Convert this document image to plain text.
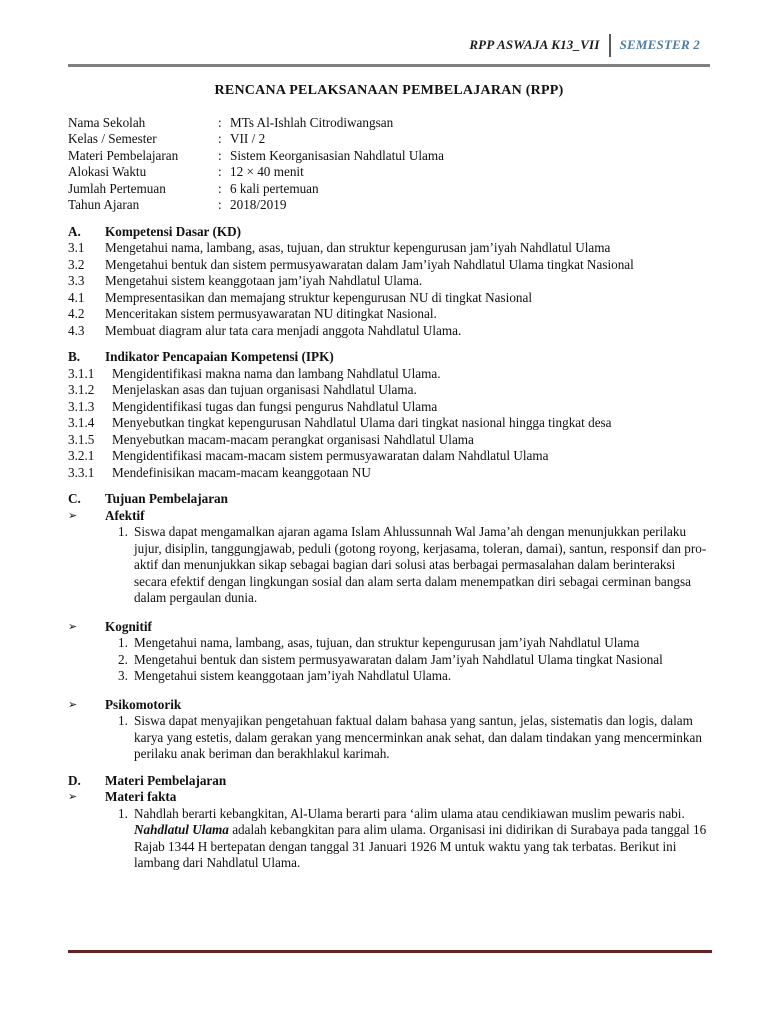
RPP ASWAJA K13_VII SEMESTER 2
RENCANA PELAKSANAAN PEMBELAJARAN (RPP)
Nama Sekolah	: MTs Al-Ishlah Citrodiwangsan
Kelas / Semester	: VII / 2
Materi Pembelajaran	: Sistem Keorganisasian Nahdlatul Ulama
Alokasi Waktu	: 12 × 40 menit
Jumlah Pertemuan	: 6 kali pertemuan
Tahun Ajaran	: 2018/2019
A.	Kompetensi Dasar (KD)
3.1	Mengetahui nama, lambang, asas, tujuan, dan struktur kepengurusan jam’iyah Nahdlatul Ulama
3.2	Mengetahui bentuk dan sistem permusyawaratan dalam Jam’iyah Nahdlatul Ulama tingkat Nasional
3.3	Mengetahui sistem keanggotaan jam’iyah Nahdlatul Ulama.
4.1	Mempresentasikan dan memajang struktur kepengurusan NU di tingkat Nasional
4.2	Menceritakan sistem permusyawaratan NU ditingkat Nasional.
4.3	Membuat diagram alur tata cara menjadi anggota Nahdlatul Ulama.
B.	Indikator Pencapaian Kompetensi (IPK)
3.1.1	Mengidentifikasi makna nama dan lambang Nahdlatul Ulama.
3.1.2	Menjelaskan asas dan tujuan organisasi Nahdlatul Ulama.
3.1.3	Mengidentifikasi tugas dan fungsi pengurus Nahdlatul Ulama
3.1.4	Menyebutkan tingkat kepengurusan Nahdlatul Ulama dari tingkat nasional hingga tingkat desa
3.1.5	Menyebutkan macam-macam perangkat organisasi Nahdlatul Ulama
3.2.1	Mengidentifikasi macam-macam sistem permusyawaratan dalam Nahdlatul Ulama
3.3.1	Mendefinisikan macam-macam keanggotaan NU
C.	Tujuan Pembelajaran
➢	Afektif
1. Siswa dapat mengamalkan ajaran agama Islam Ahlussunnah Wal Jama’ah dengan menunjukkan perilaku jujur, disiplin, tanggungjawab, peduli (gotong royong, kerjasama, toleran, damai), santun, responsif dan pro-aktif dan menunjukkan sikap sebagai bagian dari solusi atas berbagai permasalahan dalam berinteraksi secara efektif dengan lingkungan sosial dan alam serta dalam menempatkan diri sebagai cerminan bangsa dalam pergaulan dunia.
➢	Kognitif
1. Mengetahui nama, lambang, asas, tujuan, dan struktur kepengurusan jam’iyah Nahdlatul Ulama
2. Mengetahui bentuk dan sistem permusyawaratan dalam Jam’iyah Nahdlatul Ulama tingkat Nasional
3. Mengetahui sistem keanggotaan jam’iyah Nahdlatul Ulama.
➢	Psikomotorik
1. Siswa dapat menyajikan pengetahuan faktual dalam bahasa yang santun, jelas, sistematis dan logis, dalam karya yang estetis, dalam gerakan yang mencerminkan anak sehat, dan dalam tindakan yang mencerminkan perilaku anak beriman dan berakhlakul karimah.
D.	Materi Pembelajaran
➢	Materi fakta
1. Nahdlah berarti kebangkitan, Al-Ulama berarti para ‘alim ulama atau cendikiawan muslim pewaris nabi. Nahdlatul Ulama adalah kebangkitan para alim ulama. Organisasi ini didirikan di Surabaya pada tanggal 16 Rajab 1344 H bertepatan dengan tanggal 31 Januari 1926 M untuk waktu yang tak terbatas. Berikut ini lambang dari Nahdlatul Ulama.
